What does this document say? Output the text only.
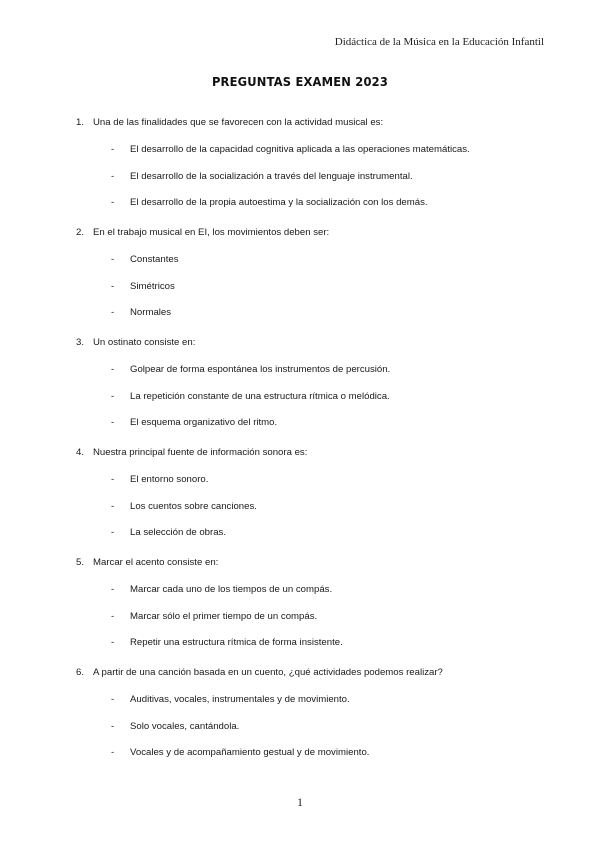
Didáctica de la Música en la Educación Infantil
PREGUNTAS EXAMEN 2023
1. Una de las finalidades que se favorecen con la actividad musical es:
-	El desarrollo de la capacidad cognitiva aplicada a las operaciones matemáticas.
-	El desarrollo de la socialización a través del lenguaje instrumental.
-	El desarrollo de la propia autoestima y la socialización con los demás.
2. En el trabajo musical en EI, los movimientos deben ser:
-	Constantes
-	Simétricos
-	Normales
3. Un ostinato consiste en:
-	Golpear de forma espontánea los instrumentos de percusión.
-	La repetición constante de una estructura rítmica o melódica.
-	El esquema organizativo del ritmo.
4. Nuestra principal fuente de información sonora es:
-	El entorno sonoro.
-	Los cuentos sobre canciones.
-	La selección de obras.
5. Marcar el acento consiste en:
-	Marcar cada uno de los tiempos de un compás.
-	Marcar sólo el primer tiempo de un compás.
-	Repetir una estructura rítmica de forma insistente.
6. A partir de una canción basada en un cuento, ¿qué actividades podemos realizar?
-	Auditivas, vocales, instrumentales y de movimiento.
-	Solo vocales, cantándola.
-	Vocales y de acompañamiento gestual y de movimiento.
1
